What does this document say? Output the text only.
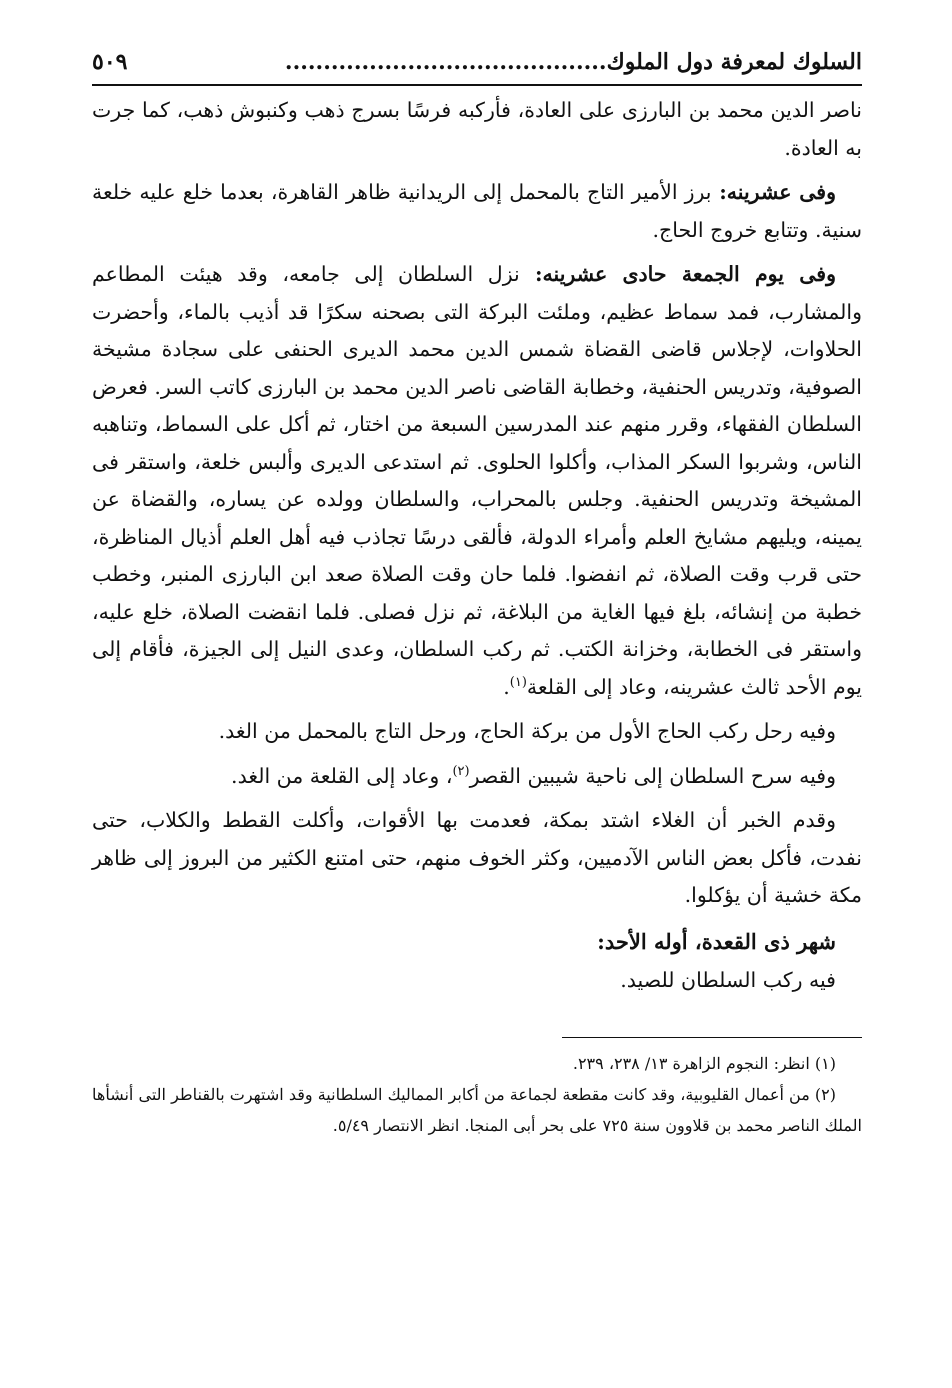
السلوك لمعرفة دول الملوك..........................................
٥٠٩

ناصر الدين محمد بن البارزى على العادة، فأركبه فرسًا بسرج ذهب وكنبوش ذهب، كما جرت به العادة.

وفى عشرينه: برز الأمير التاج بالمحمل إلى الريدانية ظاهر القاهرة، بعدما خلع عليه خلعة سنية. وتتابع خروج الحاج.

وفى يوم الجمعة حادى عشرينه: نزل السلطان إلى جامعه، وقد هيئت المطاعم والمشارب، فمد سماط عظيم، وملئت البركة التى بصحنه سكرًا قد أذيب بالماء، وأحضرت الحلاوات، لإجلاس قاضى القضاة شمس الدين محمد الديرى الحنفى على سجادة مشيخة الصوفية، وتدريس الحنفية، وخطابة القاضى ناصر الدين محمد بن البارزى كاتب السر. فعرض السلطان الفقهاء، وقرر منهم عند المدرسين السبعة من اختار، ثم أكل على السماط، وتناهبه الناس، وشربوا السكر المذاب، وأكلوا الحلوى. ثم استدعى الديرى وألبس خلعة، واستقر فى المشيخة وتدريس الحنفية. وجلس بالمحراب، والسلطان وولده عن يساره، والقضاة عن يمينه، ويليهم مشايخ العلم وأمراء الدولة، فألقى درسًا تجاذب فيه أهل العلم أذيال المناظرة، حتى قرب وقت الصلاة، ثم انفضوا. فلما حان وقت الصلاة صعد ابن البارزى المنبر، وخطب خطبة من إنشائه، بلغ فيها الغاية من البلاغة، ثم نزل فصلى. فلما انقضت الصلاة، خلع عليه، واستقر فى الخطابة، وخزانة الكتب. ثم ركب السلطان، وعدى النيل إلى الجيزة، فأقام إلى يوم الأحد ثالث عشرينه، وعاد إلى القلعة$^{(١)}$.

وفيه رحل ركب الحاج الأول من بركة الحاج، ورحل التاج بالمحمل من الغد.

وفيه سرح السلطان إلى ناحية شيبين القصر$^{(٢)}$، وعاد إلى القلعة من الغد.

وقدم الخبر أن الغلاء اشتد بمكة، فعدمت بها الأقوات، وأكلت القطط والكلاب، حتى نفدت، فأكل بعض الناس الآدميين، وكثر الخوف منهم، حتى امتنع الكثير من البروز إلى ظاهر مكة خشية أن يؤكلوا.

شهر ذى القعدة، أوله الأحد:

فيه ركب السلطان للصيد.

(١) انظر: النجوم الزاهرة ١٣/ ٢٣٨، ٢٣٩.

(٢) من أعمال القليوبية، وقد كانت مقطعة لجماعة من أكابر المماليك السلطانية وقد اشتهرت بالقناطر التى أنشأها الملك الناصر محمد بن قلاوون سنة ٧٢٥ على بحر أبى المنجا. انظر الانتصار ٥/٤٩.
